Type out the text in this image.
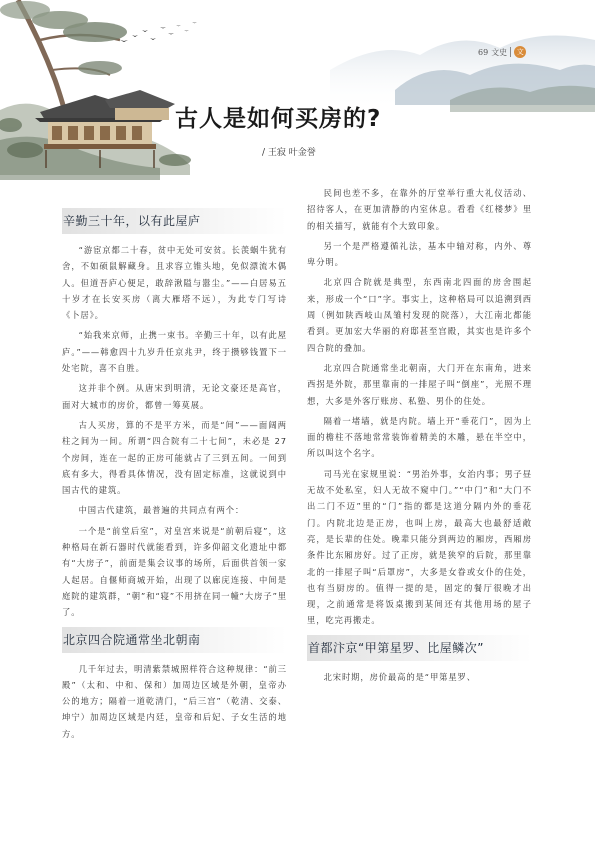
69 文史	文
古人是如何买房的?
/ 王寂 叶金誉
辛勤三十年，以有此屋庐

“游宦京都二十春，贫中无处可安贫。长羡蜗牛犹有舍，不如硕鼠解藏身。且求容立锥头地，免似漂流木偶人。但道吾庐心便足，敢辞湫隘与嚣尘。”——白居易五十岁才在长安买房（离大雁塔不远），为此专门写诗《卜居》。

“始我来京师，止携一束书。辛勤三十年，以有此屋庐。”——韩愈四十九岁升任京兆尹，终于攒够钱置下一处宅院，喜不自胜。

这并非个例。从唐宋到明清，无论文豪还是高官，面对大城市的房价，都曾一筹莫展。

古人买房，算的不是平方米，而是“间”——面阔两柱之间为一间。所谓“四合院有二十七间”，未必是 27 个房间，连在一起的正房可能就占了三到五间。一间到底有多大，得看具体情况，没有固定标准，这就说到中国古代的建筑。

中国古代建筑，最普遍的共同点有两个：

一个是“前堂后室”，对皇宫来说是“前朝后寝”，这种格局在新石器时代就能看到，许多仰韶文化遗址中都有“大房子”，前面是集会议事的场所，后面供首领一家人起居。自偃师商城开始，出现了以廊庑连接、中间是庭院的建筑群，“朝”和“寝”不用挤在同一幢“大房子”里了。

北京四合院通常坐北朝南

几千年过去，明清紫禁城照样符合这种规律：“前三殿”（太和、中和、保和）加周边区域是外朝，皇帝办公的地方；隔着一道乾清门，“后三宫”（乾清、交泰、坤宁）加周边区域是内廷，皇帝和后妃、子女生活的地方。

民间也差不多，在靠外的厅堂举行重大礼仪活动、招待客人，在更加清静的内室休息。看看《红楼梦》里的相关描写，就能有个大致印象。

另一个是严格遵循礼法，基本中轴对称，内外、尊卑分明。

北京四合院就是典型，东西南北四面的房舍围起来，形成一个“口”字。事实上，这种格局可以追溯到西周（例如陕西岐山凤雏村发现的院落），大江南北都能看到。更加宏大华丽的府邸甚至宫殿，其实也是许多个四合院的叠加。

北京四合院通常坐北朝南，大门开在东南角，进来西拐是外院，那里靠南的一排屋子叫“倒座”，光照不理想，大多是外客厅账房、私塾、男仆的住处。

隔着一堵墙，就是内院。墙上开“垂花门”，因为上面的檐柱不落地常常装饰着精美的木雕，悬在半空中，所以叫这个名字。

司马光在家规里说：“男治外事，女治内事；男子昼无故不处私室，妇人无故不窥中门。”“中门”和“大门不出二门不迈”里的“门”指的都是这道分隔内外的垂花门。内院北边是正房，也叫上房，最高大也最舒适敞亮，是长辈的住处。晚辈只能分到两边的厢房，西厢房条件比东厢房好。过了正房，就是狭窄的后院，那里靠北的一排屋子叫“后罩房”，大多是女眷或女仆的住处，也有当厨房的。值得一提的是，固定的餐厅很晚才出现，之前通常是将饭桌搬到某间还有其他用场的屋子里，吃完再搬走。

首都汴京“甲第星罗、比屋鳞次”

北宋时期，房价最高的是“甲第星罗、
